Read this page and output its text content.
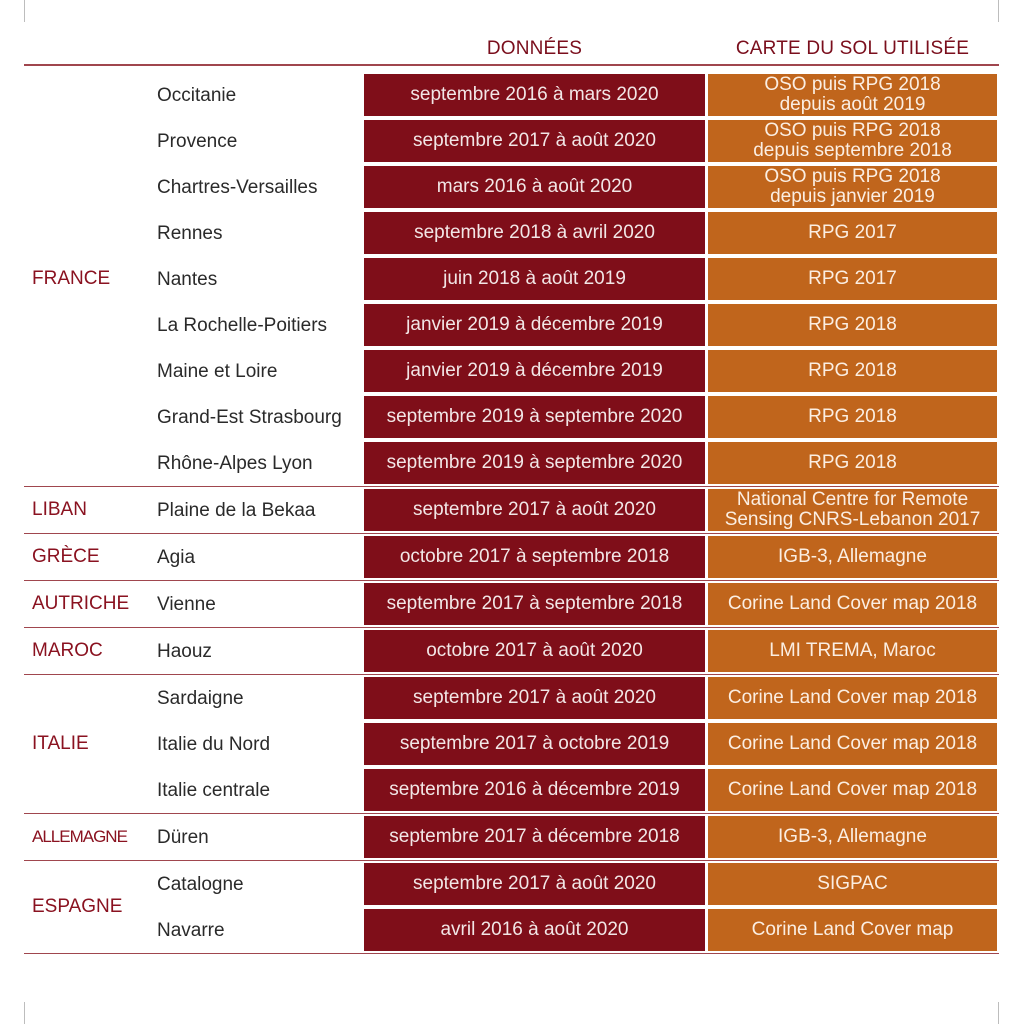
DONNÉES	CARTE DU SOL UTILISÉE
FRANCE
Occitanie	septembre 2016 à mars 2020	OSO puis RPG 2018
depuis août 2019
Provence	septembre 2017 à août 2020	OSO puis RPG 2018
depuis septembre 2018
Chartres-Versailles	mars 2016 à août 2020	OSO puis RPG 2018
depuis janvier 2019
Rennes	septembre 2018 à avril 2020	RPG 2017
Nantes	juin 2018 à août 2019	RPG 2017
La Rochelle-Poitiers	janvier 2019 à décembre 2019	RPG 2018
Maine et Loire	janvier 2019 à décembre 2019	RPG 2018
Grand-Est Strasbourg	septembre 2019 à septembre 2020	RPG 2018
Rhône-Alpes Lyon	septembre 2019 à septembre 2020	RPG 2018
LIBAN	Plaine de la Bekaa	septembre 2017 à août 2020	National Centre for Remote
Sensing CNRS-Lebanon 2017
GRÈCE	Agia	octobre 2017 à septembre 2018	IGB-3, Allemagne
AUTRICHE Vienne	septembre 2017 à septembre 2018	Corine Land Cover map 2018
MAROC	Haouz	octobre 2017 à août 2020	LMI TREMA, Maroc
ITALIE
Sardaigne	septembre 2017 à août 2020	Corine Land Cover map 2018
Italie du Nord	septembre 2017 à octobre 2019	Corine Land Cover map 2018
Italie centrale	septembre 2016 à décembre 2019	Corine Land Cover map 2018
ALLEMAGNE Düren	septembre 2017 à décembre 2018	IGB-3, Allemagne
ESPAGNE
Catalogne	septembre 2017 à août 2020	SIGPAC
Navarre	avril 2016 à août 2020	Corine Land Cover map
